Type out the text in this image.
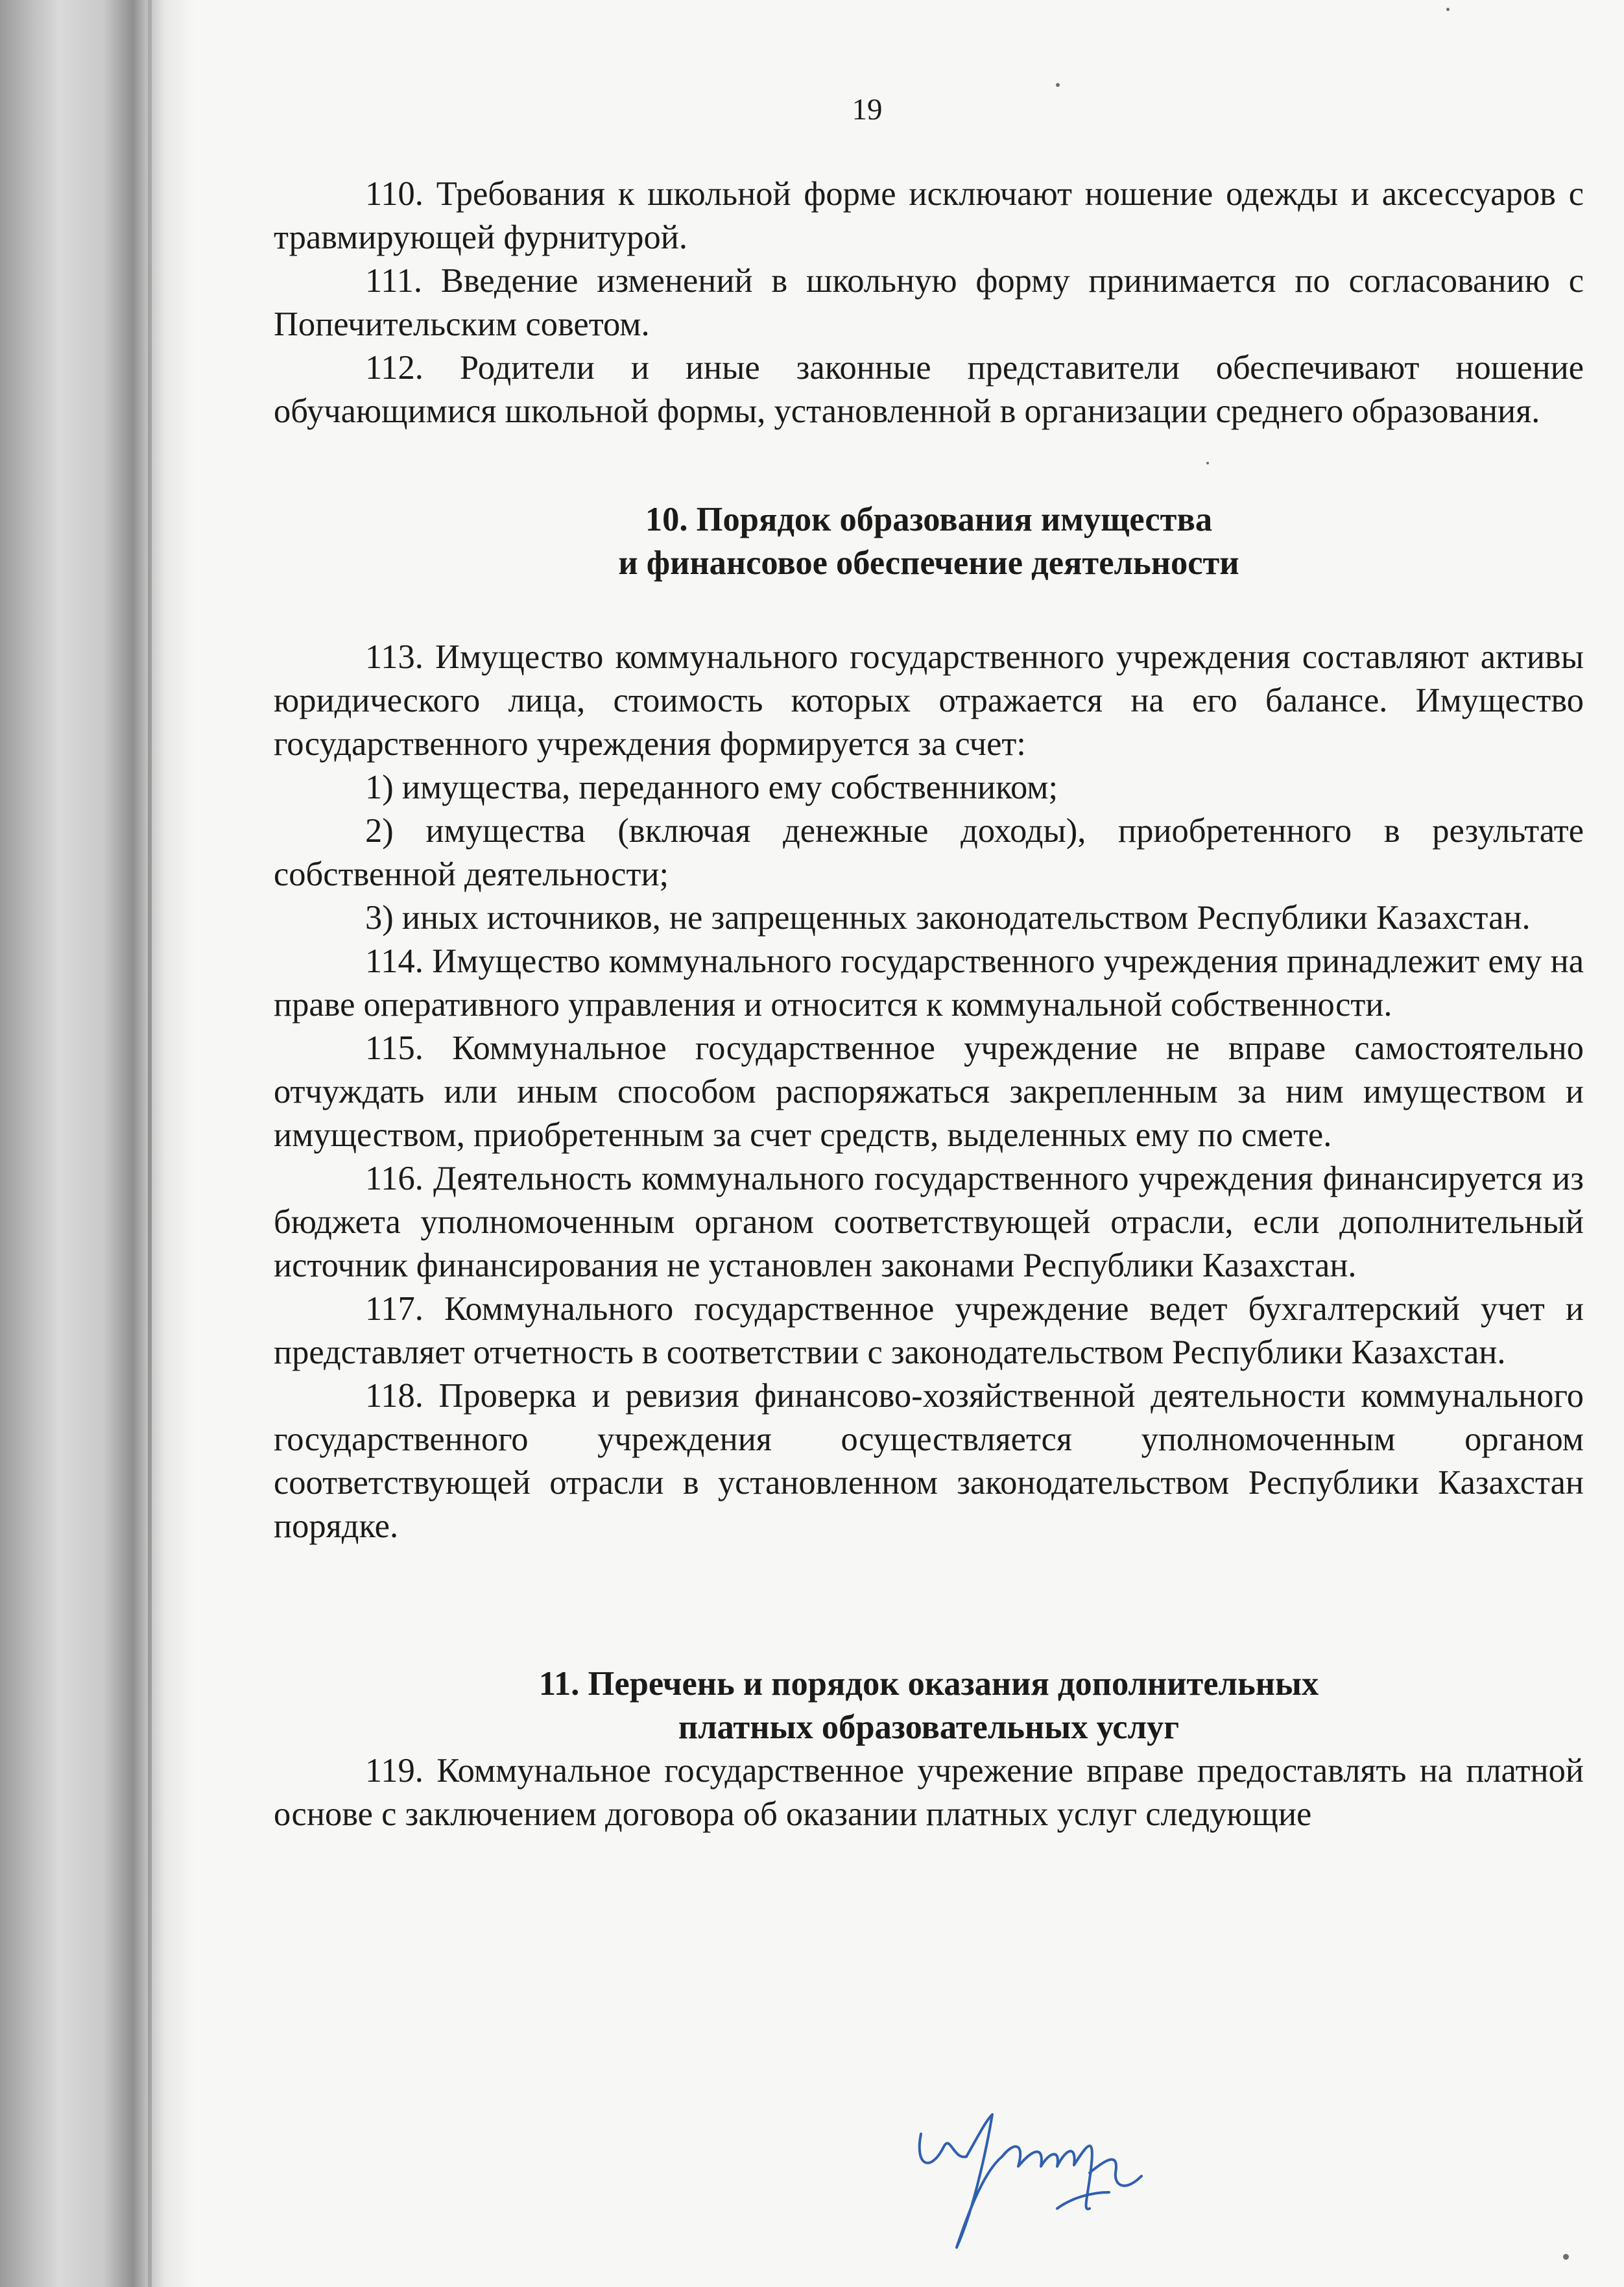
19

110. Требования к школьной форме исключают ношение одежды и аксессуаров с травмирующей фурнитурой.

111. Введение изменений в школьную форму принимается по согласованию с Попечительским советом.

112. Родители и иные законные представители обеспечивают ношение обучающимися школьной формы, установленной в организации среднего образования.

10. Порядок образования имущества
и финансовое обеспечение деятельности

113. Имущество коммунального государственного учреждения составляют активы юридического лица, стоимость которых отражается на его балансе. Имущество государственного учреждения формируется за счет:

1) имущества, переданного ему собственником;

2) имущества (включая денежные доходы), приобретенного в результате собственной деятельности;

3) иных источников, не запрещенных законодательством Республики Казахстан.

114. Имущество коммунального государственного учреждения принадлежит ему на праве оперативного управления и относится к коммунальной собственности.

115. Коммунальное государственное учреждение не вправе самостоятельно отчуждать или иным способом распоряжаться закрепленным за ним имуществом и имуществом, приобретенным за счет средств, выделенных ему по смете.

116. Деятельность коммунального государственного учреждения финансируется из бюджета уполномоченным органом соответствующей отрасли, если дополнительный источник финансирования не установлен законами Республики Казахстан.

117. Коммунального государственное учреждение ведет бухгалтерский учет и представляет отчетность в соответствии с законодательством Республики Казахстан.

118. Проверка и ревизия финансово-хозяйственной деятельности коммунального государственного учреждения осуществляется уполномоченным органом соответствующей отрасли в установленном законодательством Республики Казахстан порядке.

11. Перечень и порядок оказания дополнительных
платных образовательных услуг

119. Коммунальное государственное учрежение вправе предоставлять на платной основе с заключением договора об оказании платных услуг следующие
